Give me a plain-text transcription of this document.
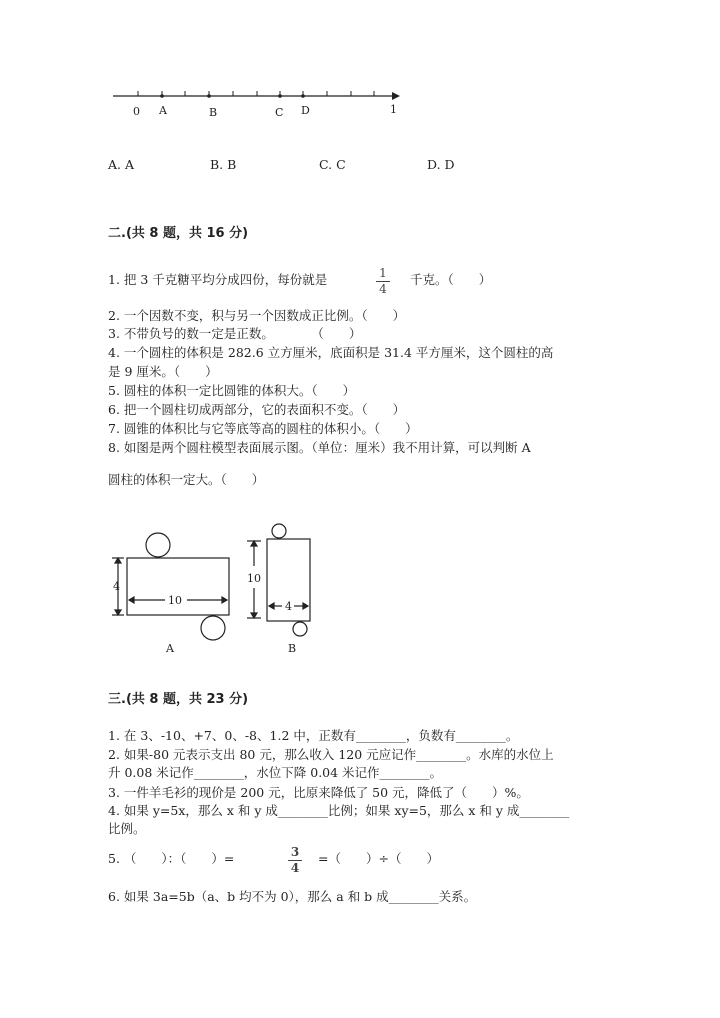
0 A	B	C D	1
4
10
A
10
4
B
A. A	B. B	C. C	D. D
二.(共 8 题，共 16 分)
1. 把 3 千克糖平均分成四份，每份就是	1
4
千克。（　　）
2. 一个因数不变，积与另一个因数成正比例。（　　）
3. 不带负号的数一定是正数。　　　　（　　）
4. 一个圆柱的体积是 282.6 立方厘米，底面积是 31.4 平方厘米，这个圆柱的高
是 9 厘米。（　　）
5. 圆柱的体积一定比圆锥的体积大。（　　）
6. 把一个圆柱切成两部分，它的表面积不变。（　　）
7. 圆锥的体积比与它等底等高的圆柱的体积小。（　　）
8. 如图是两个圆柱模型表面展示图。（单位：厘米）我不用计算，可以判断 A
圆柱的体积一定大。（　　）
三.(共 8 题，共 23 分)
1. 在 3、-10、+7、0、-8、1.2 中，正数有________，负数有________。
2. 如果-80 元表示支出 80 元，那么收入 120 元应记作________。水库的水位上
升 0.08 米记作________，水位下降 0.04 米记作________。
3. 一件羊毛衫的现价是 200 元，比原来降低了 50 元，降低了（　　）%。
4. 如果 y=5x，那么 x 和 y 成________比例；如果 xy=5，那么 x 和 y 成________
比例。
5. （　　）：（　　）=	3
4
=（　　）÷（　　）
6. 如果 3a=5b（a、b 均不为 0），那么 a 和 b 成________关系。
